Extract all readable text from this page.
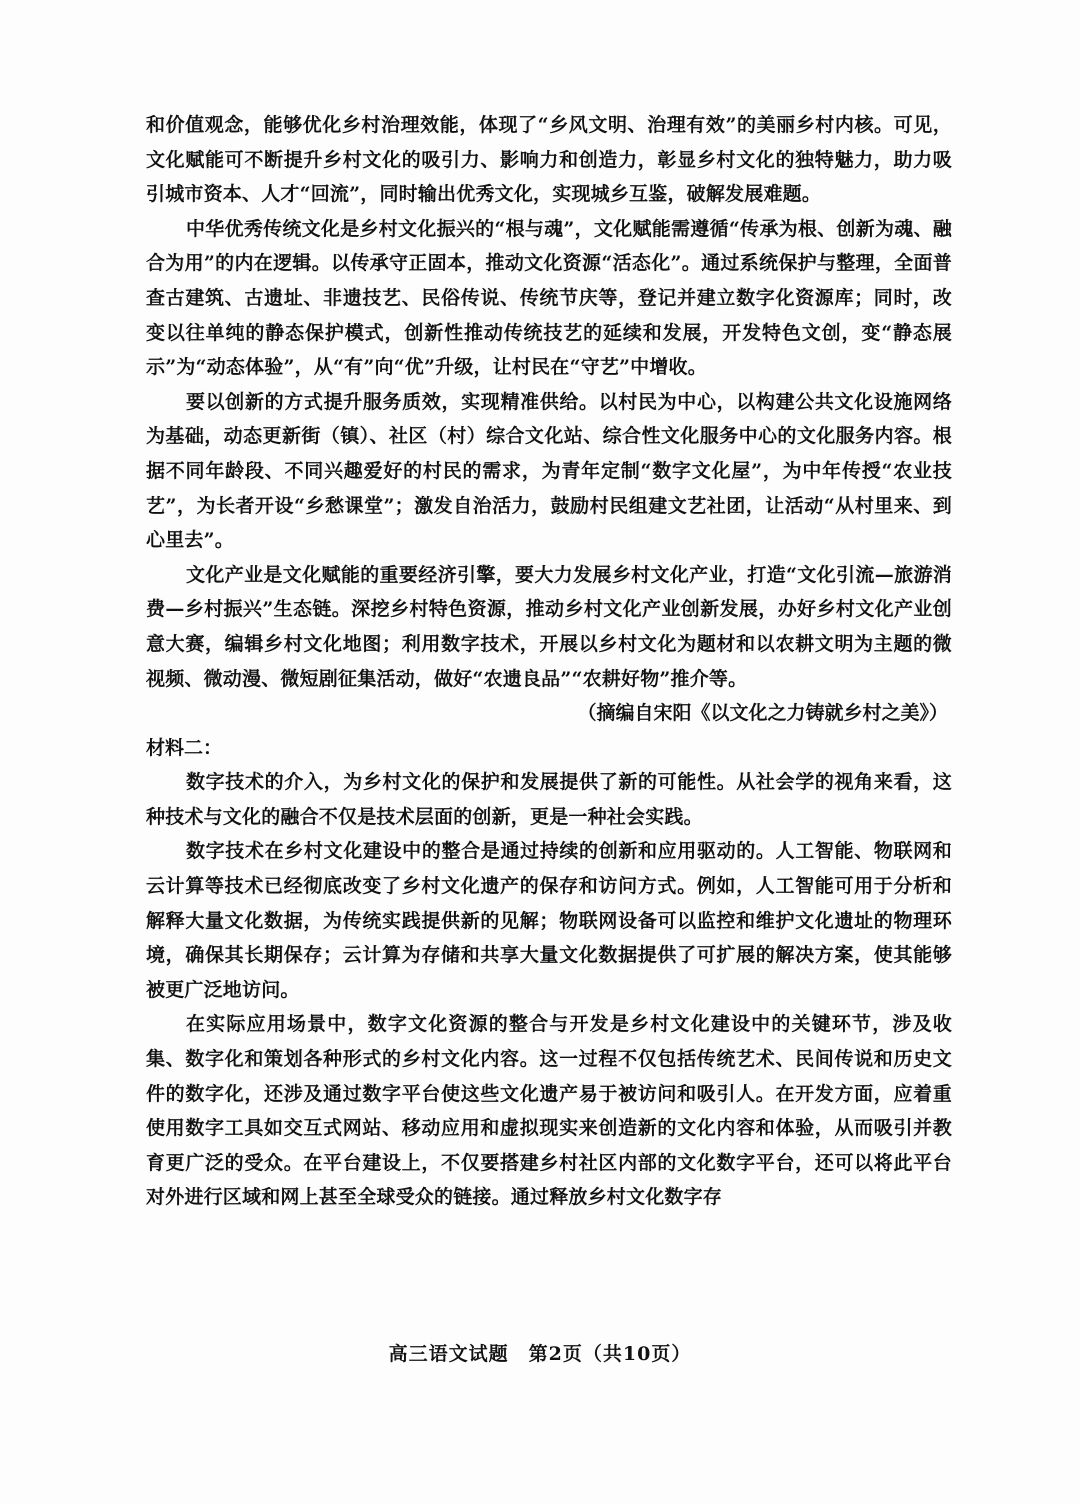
和价值观念，能够优化乡村治理效能，体现了“乡风文明、治理有效”的美丽乡村内核。可见，文化赋能可不断提升乡村文化的吸引力、影响力和创造力，彰显乡村文化的独特魅力，助力吸引城市资本、人才“回流”，同时输出优秀文化，实现城乡互鉴，破解发展难题。

中华优秀传统文化是乡村文化振兴的“根与魂”，文化赋能需遵循“传承为根、创新为魂、融合为用”的内在逻辑。以传承守正固本，推动文化资源“活态化”。通过系统保护与整理，全面普查古建筑、古遗址、非遗技艺、民俗传说、传统节庆等，登记并建立数字化资源库；同时，改变以往单纯的静态保护模式，创新性推动传统技艺的延续和发展，开发特色文创，变“静态展示”为“动态体验”，从“有”向“优”升级，让村民在“守艺”中增收。

要以创新的方式提升服务质效，实现精准供给。以村民为中心，以构建公共文化设施网络为基础，动态更新街（镇）、社区（村）综合文化站、综合性文化服务中心的文化服务内容。根据不同年龄段、不同兴趣爱好的村民的需求，为青年定制“数字文化屋”，为中年传授“农业技艺”，为长者开设“乡愁课堂”；激发自治活力，鼓励村民组建文艺社团，让活动“从村里来、到心里去”。

文化产业是文化赋能的重要经济引擎，要大力发展乡村文化产业，打造“文化引流—旅游消费—乡村振兴”生态链。深挖乡村特色资源，推动乡村文化产业创新发展，办好乡村文化产业创意大赛，编辑乡村文化地图；利用数字技术，开展以乡村文化为题材和以农耕文明为主题的微视频、微动漫、微短剧征集活动，做好“农遗良品”“农耕好物”推介等。

（摘编自宋阳《以文化之力铸就乡村之美》）

材料二：

数字技术的介入，为乡村文化的保护和发展提供了新的可能性。从社会学的视角来看，这种技术与文化的融合不仅是技术层面的创新，更是一种社会实践。

数字技术在乡村文化建设中的整合是通过持续的创新和应用驱动的。人工智能、物联网和云计算等技术已经彻底改变了乡村文化遗产的保存和访问方式。例如，人工智能可用于分析和解释大量文化数据，为传统实践提供新的见解；物联网设备可以监控和维护文化遗址的物理环境，确保其长期保存；云计算为存储和共享大量文化数据提供了可扩展的解决方案，使其能够被更广泛地访问。

在实际应用场景中，数字文化资源的整合与开发是乡村文化建设中的关键环节，涉及收集、数字化和策划各种形式的乡村文化内容。这一过程不仅包括传统艺术、民间传说和历史文件的数字化，还涉及通过数字平台使这些文化遗产易于被访问和吸引人。在开发方面，应着重使用数字工具如交互式网站、移动应用和虚拟现实来创造新的文化内容和体验，从而吸引并教育更广泛的受众。在平台建设上，不仅要搭建乡村社区内部的文化数字平台，还可以将此平台对外进行区域和网上甚至全球受众的链接。通过释放乡村文化数字存

高三语文试题　第2页（共10页）
